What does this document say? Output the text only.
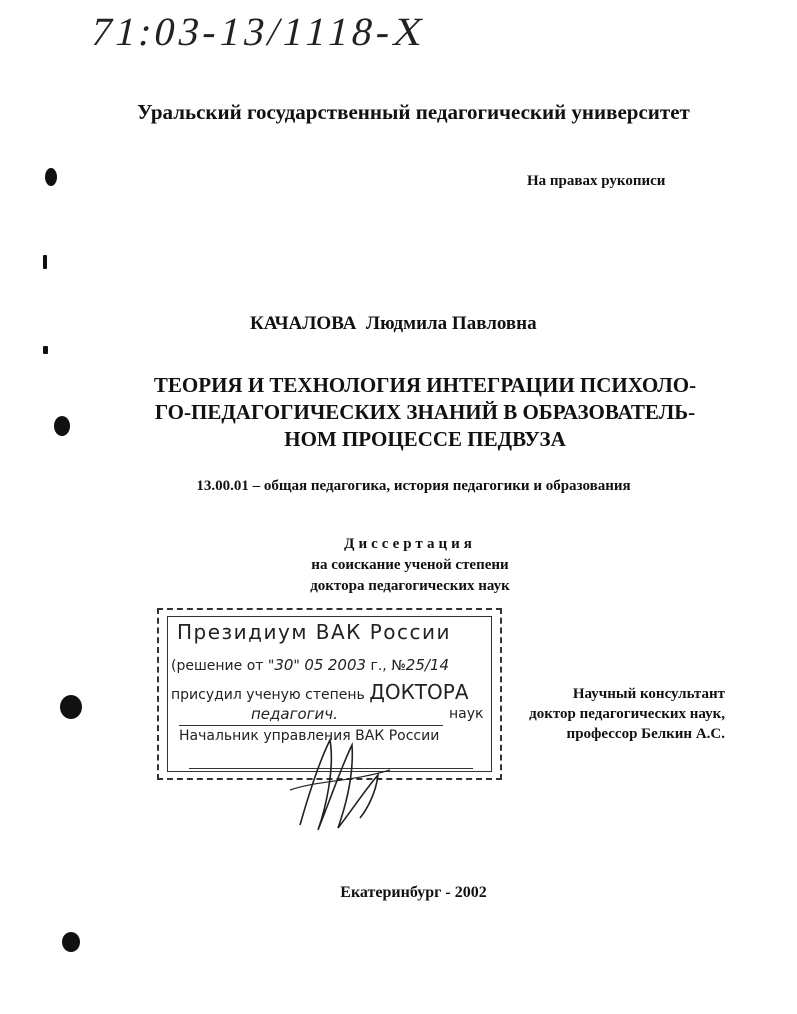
71:03-13/1118-X
Уральский государственный педагогический университет
На правах рукописи
КАЧАЛОВА Людмила Павловна
ТЕОРИЯ И ТЕХНОЛОГИЯ ИНТЕГРАЦИИ ПСИХОЛО-
ГО-ПЕДАГОГИЧЕСКИХ ЗНАНИЙ В ОБРАЗОВАТЕЛЬ-
НОМ ПРОЦЕССЕ ПЕДВУЗА
13.00.01 – общая педагогика, история педагогики и образования
Диссертация
на соискание ученой степени
доктора педагогических наук
Президиум ВАК России
(решение от "30" 05 2003 г., №25/14
присудил ученую степень ДОКТОРА
педагогич.	наук
Начальник управления ВАК России
Научный консультант
доктор педагогических наук,
профессор Белкин А.С.
Екатеринбург - 2002
